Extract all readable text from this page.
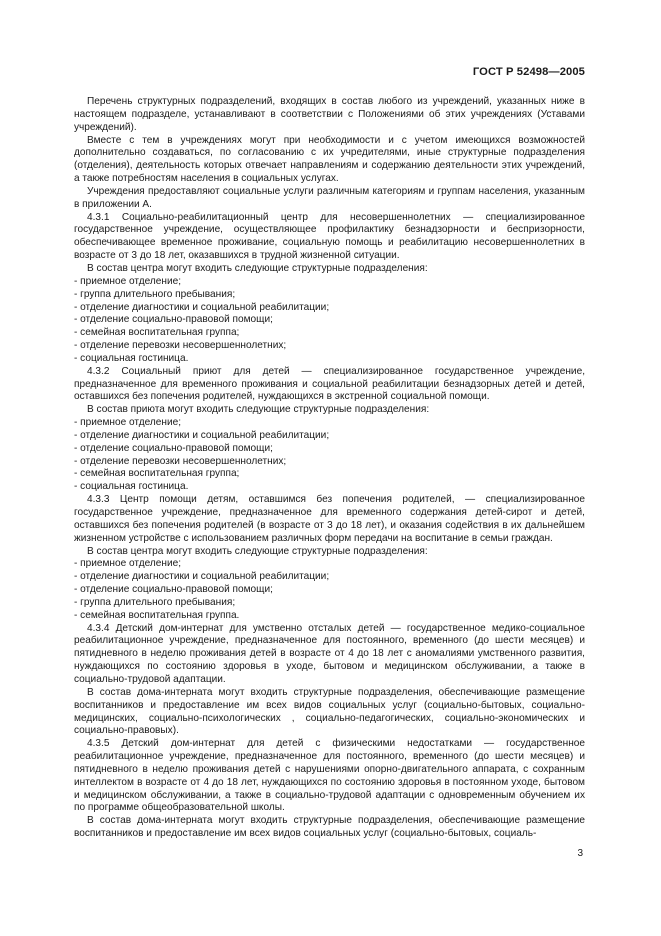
ГОСТ Р 52498—2005

Перечень структурных подразделений, входящих в состав любого из учреждений, указанных ниже в настоящем подразделе, устанавливают в соответствии с Положениями об этих учреждениях (Уставами учреждений).

Вместе с тем в учреждениях могут при необходимости и с учетом имеющихся возможностей дополнительно создаваться, по согласованию с их учредителями, иные структурные подразделения (отделения), деятельность которых отвечает направлениям и содержанию деятельности этих учреждений, а также потребностям населения в социальных услугах.

Учреждения предоставляют социальные услуги различным категориям и группам населения, указанным в приложении А.

4.3.1 Социально-реабилитационный центр для несовершеннолетних — специализированное государственное учреждение, осуществляющее профилактику безнадзорности и беспризорности, обеспечивающее временное проживание, социальную помощь и реабилитацию несовершеннолетних в возрасте от 3 до 18 лет, оказавшихся в трудной жизненной ситуации.

В состав центра могут входить следующие структурные подразделения:

- приемное отделение;
- группа длительного пребывания;
- отделение диагностики и социальной реабилитации;
- отделение социально-правовой помощи;
- семейная воспитательная группа;
- отделение перевозки несовершеннолетних;
- социальная гостиница.

4.3.2 Социальный приют для детей — специализированное государственное учреждение, предназначенное для временного проживания и социальной реабилитации безнадзорных детей и детей, оставшихся без попечения родителей, нуждающихся в экстренной социальной помощи.

В состав приюта могут входить следующие структурные подразделения:

- приемное отделение;
- отделение диагностики и социальной реабилитации;
- отделение социально-правовой помощи;
- отделение перевозки несовершеннолетних;
- семейная воспитательная группа;
- социальная гостиница.

4.3.3 Центр помощи детям, оставшимся без попечения родителей, — специализированное государственное учреждение, предназначенное для временного содержания детей-сирот и детей, оставшихся без попечения родителей (в возрасте от 3 до 18 лет), и оказания содействия в их дальнейшем жизненном устройстве с использованием различных форм передачи на воспитание в семьи граждан.

В состав центра могут входить следующие структурные подразделения:

- приемное отделение;
- отделение диагностики и социальной реабилитации;
- отделение социально-правовой помощи;
- группа длительного пребывания;
- семейная воспитательная группа.

4.3.4 Детский дом-интернат для умственно отсталых детей — государственное медико-социальное реабилитационное учреждение, предназначенное для постоянного, временного (до шести месяцев) и пятидневного в неделю проживания детей в возрасте от 4 до 18 лет с аномалиями умственного развития, нуждающихся по состоянию здоровья в уходе, бытовом и медицинском обслуживании, а также в социально-трудовой адаптации.

В состав дома-интерната могут входить структурные подразделения, обеспечивающие размещение воспитанников и предоставление им всех видов социальных услуг (социально-бытовых, социально-медицинских, социально-психологических , социально-педагогических, социально-экономических и социально-правовых).

4.3.5 Детский дом-интернат для детей с физическими недостатками — государственное реабилитационное учреждение, предназначенное для постоянного, временного (до шести месяцев) и пятидневного в неделю проживания детей с нарушениями опорно-двигательного аппарата, с сохранным интеллектом в возрасте от 4 до 18 лет, нуждающихся по состоянию здоровья в постоянном уходе, бытовом и медицинском обслуживании, а также в социально-трудовой адаптации с одновременным обучением их по программе общеобразовательной школы.

В состав дома-интерната могут входить структурные подразделения, обеспечивающие размещение воспитанников и предоставление им всех видов социальных услуг (социально-бытовых, социаль-

3
